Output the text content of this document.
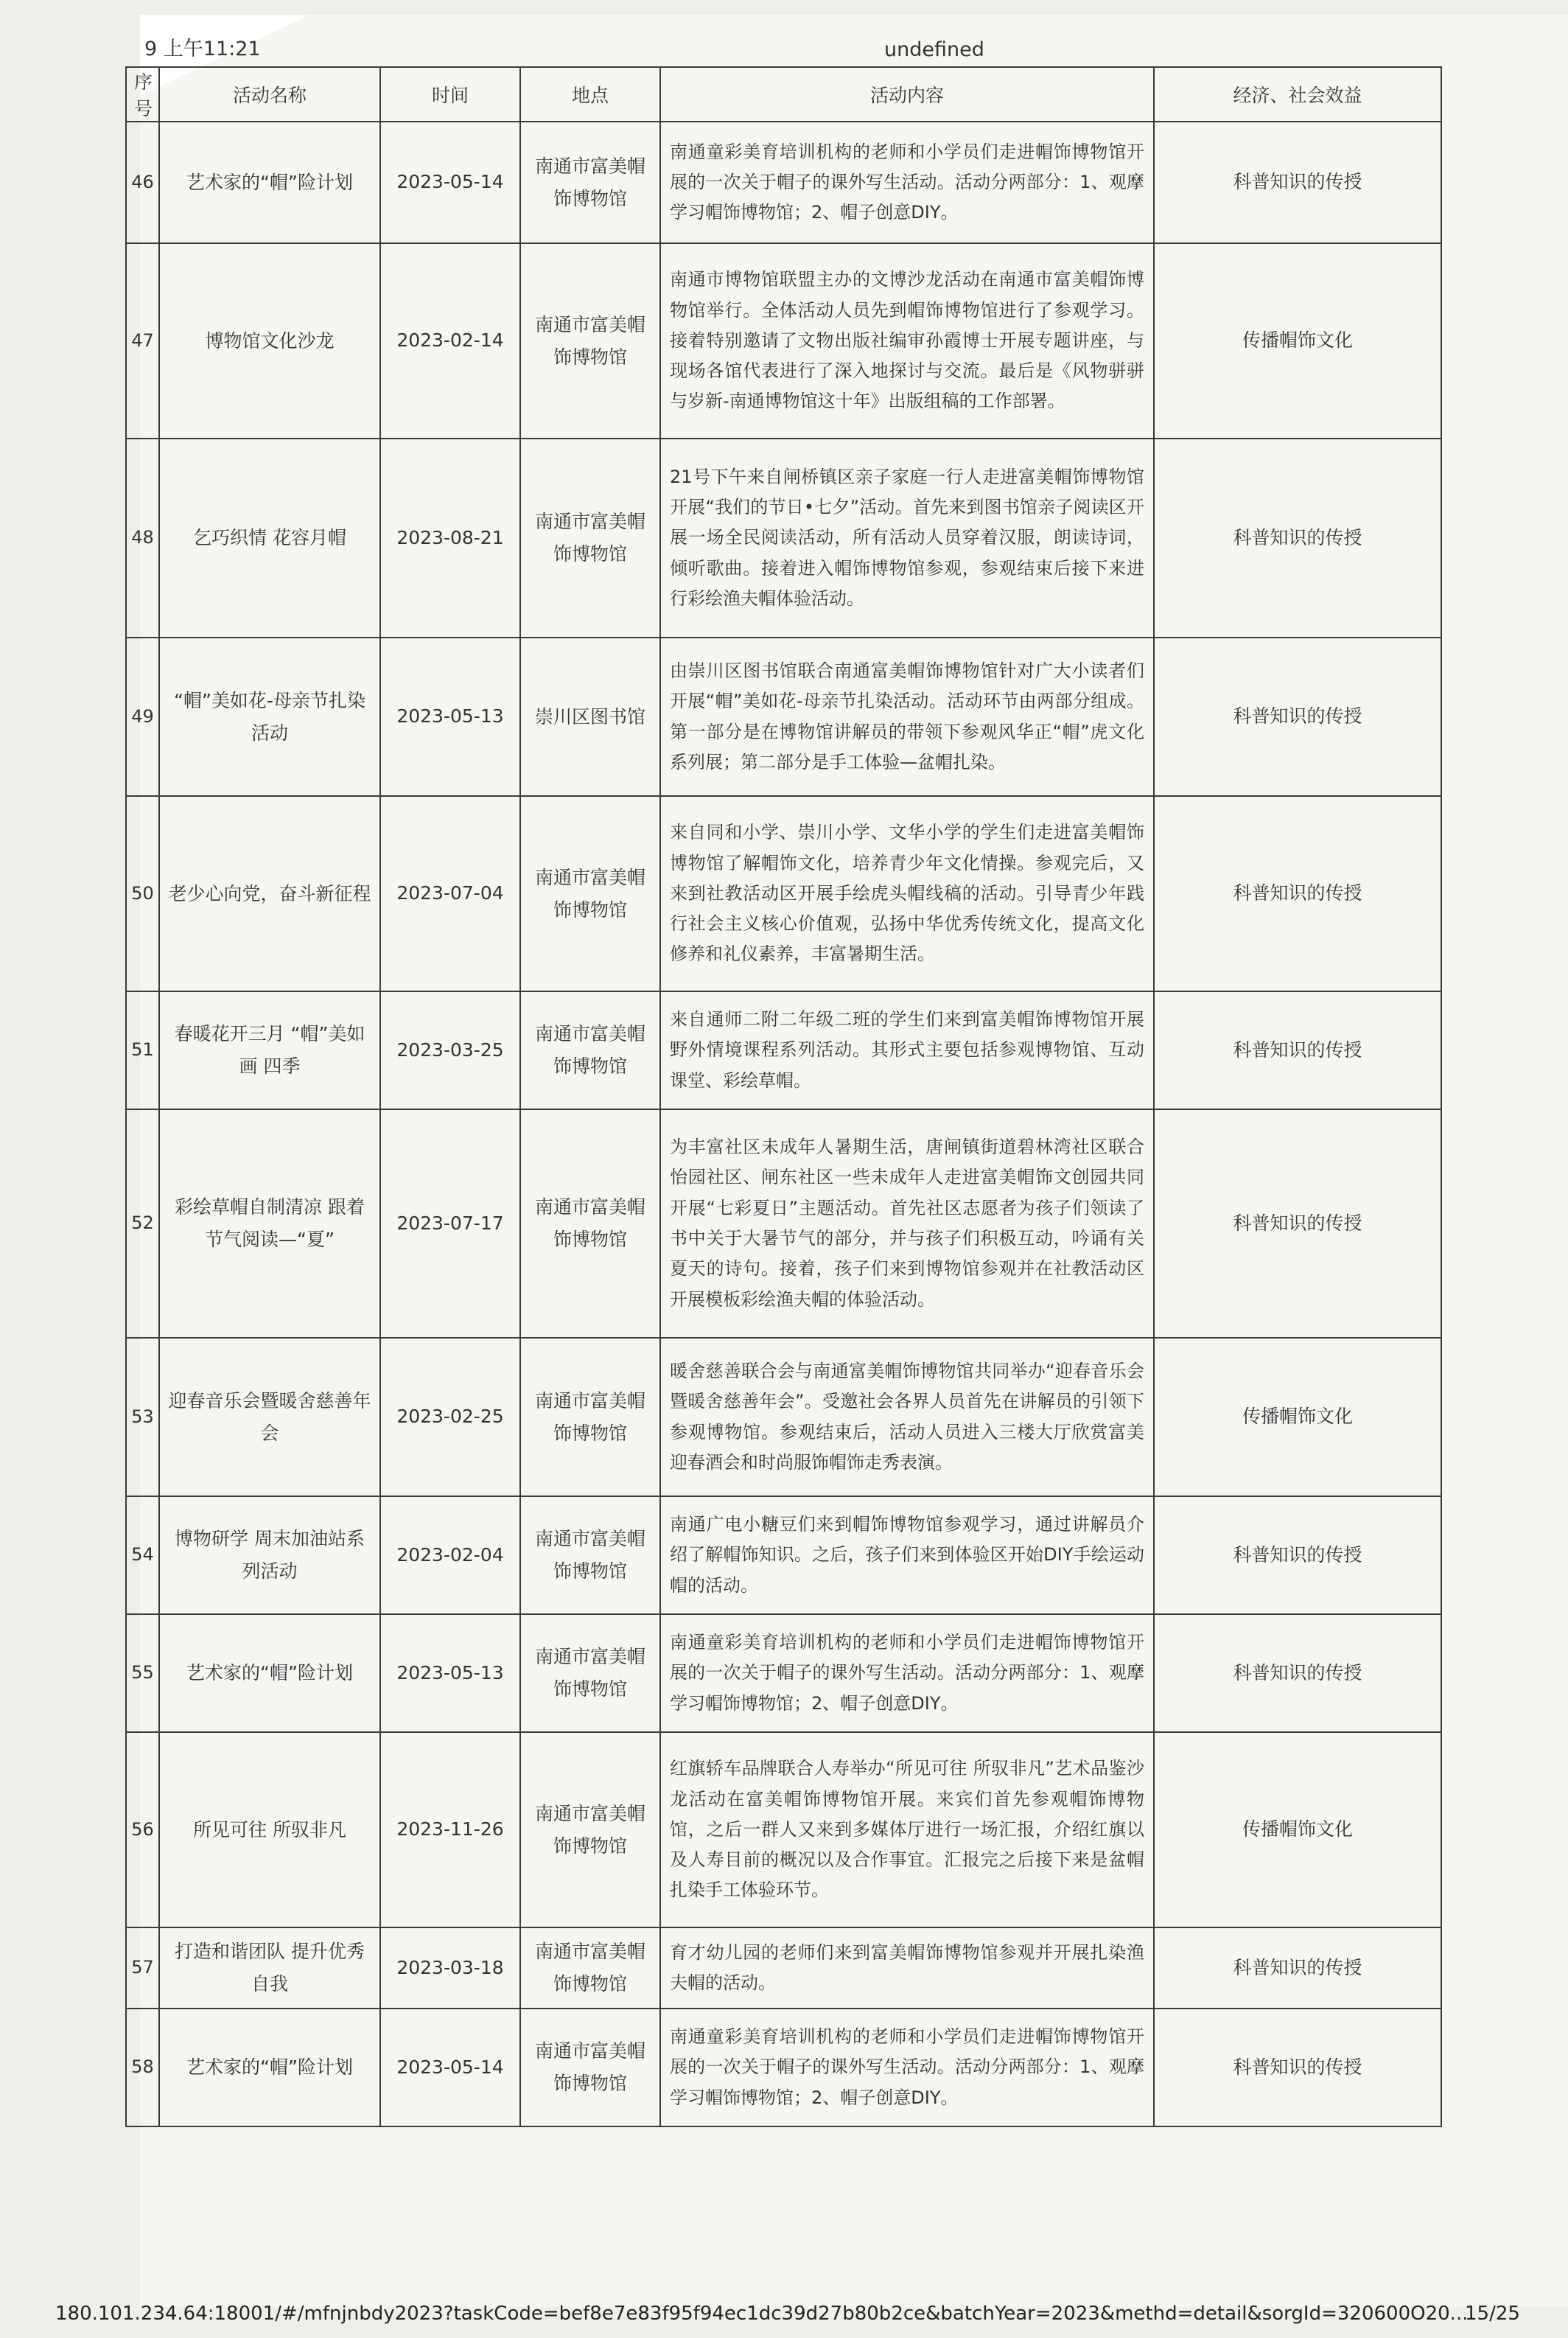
9 上午11:21	undefined
序号	活动名称	时间	地点	活动内容	经济、社会效益
46	艺术家的“帽”险计划	2023-05-14	南通市富美帽饰博物馆	南通童彩美育培训机构的老师和小学员们走进帽饰博物馆开展的一次关于帽子的课外写生活动。活动分两部分：1、观摩学习帽饰博物馆；2、帽子创意DIY。	科普知识的传授
47	博物馆文化沙龙	2023-02-14	南通市富美帽饰博物馆	南通市博物馆联盟主办的文博沙龙活动在南通市富美帽饰博物馆举行。全体活动人员先到帽饰博物馆进行了参观学习。接着特别邀请了文物出版社编审孙霞博士开展专题讲座，与现场各馆代表进行了深入地探讨与交流。最后是《风物骈骈与岁新-南通博物馆这十年》出版组稿的工作部署。	传播帽饰文化
48	乞巧织情 花容月帽	2023-08-21	南通市富美帽饰博物馆	21号下午来自闸桥镇区亲子家庭一行人走进富美帽饰博物馆开展“我们的节日•七夕”活动。首先来到图书馆亲子阅读区开展一场全民阅读活动，所有活动人员穿着汉服，朗读诗词，倾听歌曲。接着进入帽饰博物馆参观，参观结束后接下来进行彩绘渔夫帽体验活动。	科普知识的传授
49	“帽”美如花-母亲节扎染活动	2023-05-13	崇川区图书馆	由崇川区图书馆联合南通富美帽饰博物馆针对广大小读者们开展“帽”美如花-母亲节扎染活动。活动环节由两部分组成。第一部分是在博物馆讲解员的带领下参观风华正“帽”虎文化系列展；第二部分是手工体验—盆帽扎染。	科普知识的传授
50	老少心向党，奋斗新征程	2023-07-04	南通市富美帽饰博物馆	来自同和小学、崇川小学、文华小学的学生们走进富美帽饰博物馆了解帽饰文化，培养青少年文化情操。参观完后，又来到社教活动区开展手绘虎头帽线稿的活动。引导青少年践行社会主义核心价值观，弘扬中华优秀传统文化，提高文化修养和礼仪素养，丰富暑期生活。	科普知识的传授
51	春暖花开三月 “帽”美如画 四季	2023-03-25	南通市富美帽饰博物馆	来自通师二附二年级二班的学生们来到富美帽饰博物馆开展野外情境课程系列活动。其形式主要包括参观博物馆、互动课堂、彩绘草帽。	科普知识的传授
52	彩绘草帽自制清凉 跟着节气阅读—“夏”	2023-07-17	南通市富美帽饰博物馆	为丰富社区未成年人暑期生活，唐闸镇街道碧林湾社区联合怡园社区、闸东社区一些未成年人走进富美帽饰文创园共同开展“七彩夏日”主题活动。首先社区志愿者为孩子们领读了书中关于大暑节气的部分，并与孩子们积极互动，吟诵有关夏天的诗句。接着，孩子们来到博物馆参观并在社教活动区开展模板彩绘渔夫帽的体验活动。	科普知识的传授
53	迎春音乐会暨暖舍慈善年会	2023-02-25	南通市富美帽饰博物馆	暖舍慈善联合会与南通富美帽饰博物馆共同举办“迎春音乐会暨暖舍慈善年会”。受邀社会各界人员首先在讲解员的引领下参观博物馆。参观结束后，活动人员进入三楼大厅欣赏富美迎春酒会和时尚服饰帽饰走秀表演。	传播帽饰文化
54	博物研学 周末加油站系列活动	2023-02-04	南通市富美帽饰博物馆	南通广电小糖豆们来到帽饰博物馆参观学习，通过讲解员介绍了解帽饰知识。之后，孩子们来到体验区开始DIY手绘运动帽的活动。	科普知识的传授
55	艺术家的“帽”险计划	2023-05-13	南通市富美帽饰博物馆	南通童彩美育培训机构的老师和小学员们走进帽饰博物馆开展的一次关于帽子的课外写生活动。活动分两部分：1、观摩学习帽饰博物馆；2、帽子创意DIY。	科普知识的传授
56	所见可往 所驭非凡	2023-11-26	南通市富美帽饰博物馆	红旗轿车品牌联合人寿举办“所见可往 所驭非凡”艺术品鉴沙龙活动在富美帽饰博物馆开展。来宾们首先参观帽饰博物馆，之后一群人又来到多媒体厅进行一场汇报，介绍红旗以及人寿目前的概况以及合作事宜。汇报完之后接下来是盆帽扎染手工体验环节。	传播帽饰文化
57	打造和谐团队 提升优秀自我	2023-03-18	南通市富美帽饰博物馆	育才幼儿园的老师们来到富美帽饰博物馆参观并开展扎染渔夫帽的活动。	科普知识的传授
58	艺术家的“帽”险计划	2023-05-14	南通市富美帽饰博物馆	南通童彩美育培训机构的老师和小学员们走进帽饰博物馆开展的一次关于帽子的课外写生活动。活动分两部分：1、观摩学习帽饰博物馆；2、帽子创意DIY。	科普知识的传授
180.101.234.64:18001/#/mfnjnbdy2023?taskCode=bef8e7e83f95f94ec1dc39d27b80b2ce&batchYear=2023&methd=detail&sorgId=320600O20...
15/25
